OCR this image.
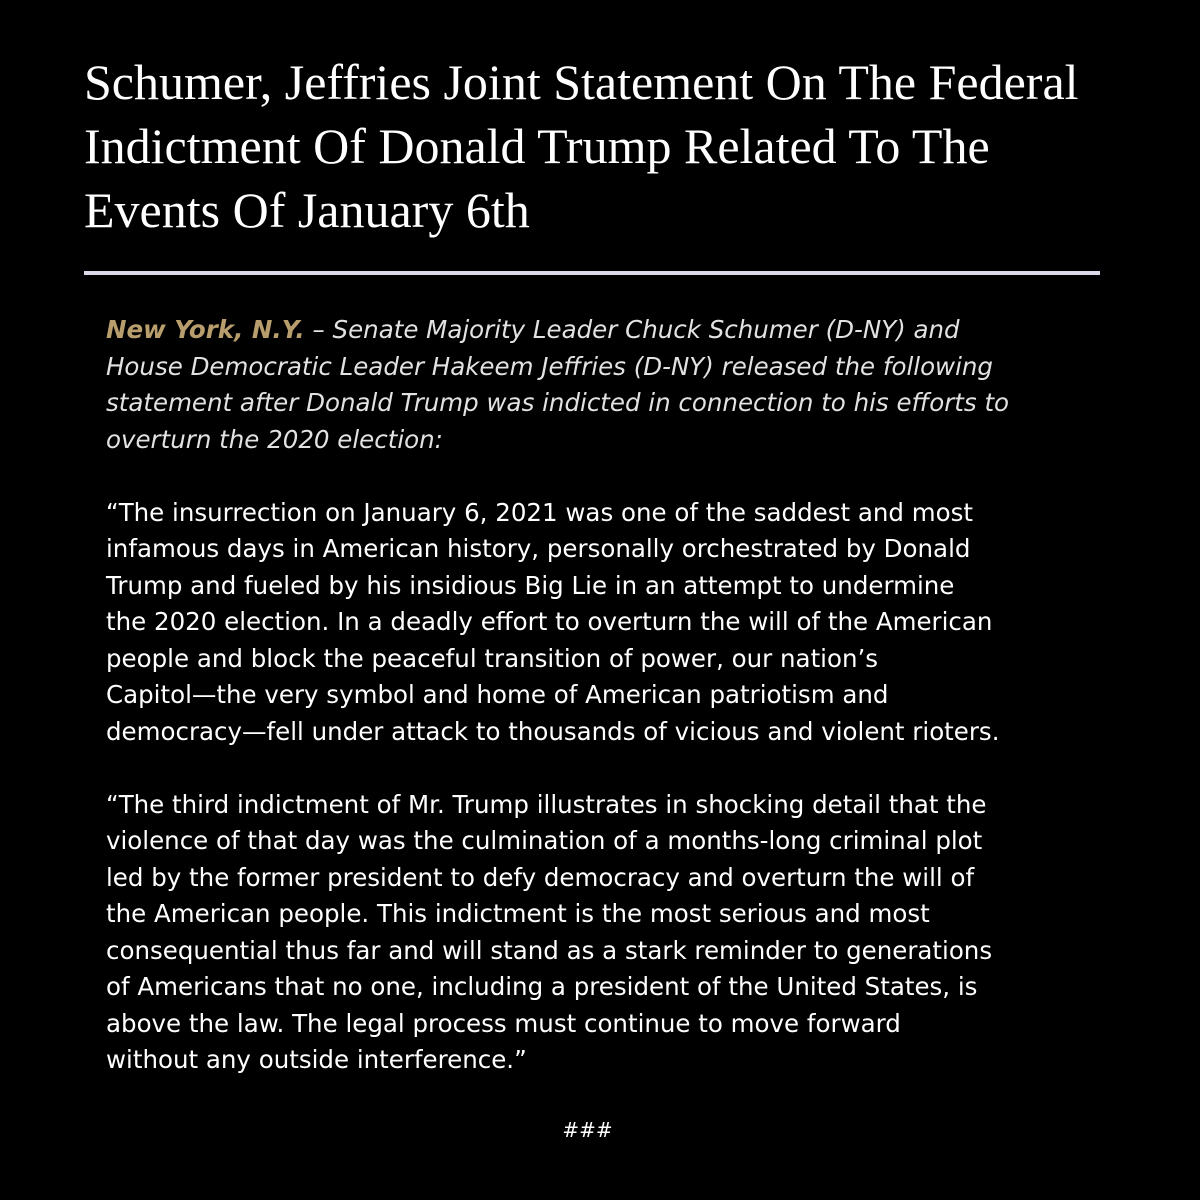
Schumer, Jeffries Joint Statement On The Federal
Indictment Of Donald Trump Related To The
Events Of January 6th

New York, N.Y. – Senate Majority Leader Chuck Schumer (D-NY) and
House Democratic Leader Hakeem Jeffries (D-NY) released the following
statement after Donald Trump was indicted in connection to his efforts to
overturn the 2020 election:

“The insurrection on January 6, 2021 was one of the saddest and most
infamous days in American history, personally orchestrated by Donald
Trump and fueled by his insidious Big Lie in an attempt to undermine
the 2020 election. In a deadly effort to overturn the will of the American
people and block the peaceful transition of power, our nation’s
Capitol—the very symbol and home of American patriotism and
democracy—fell under attack to thousands of vicious and violent rioters.

“The third indictment of Mr. Trump illustrates in shocking detail that the
violence of that day was the culmination of a months-long criminal plot
led by the former president to defy democracy and overturn the will of
the American people. This indictment is the most serious and most
consequential thus far and will stand as a stark reminder to generations
of Americans that no one, including a president of the United States, is
above the law. The legal process must continue to move forward
without any outside interference.”

###
